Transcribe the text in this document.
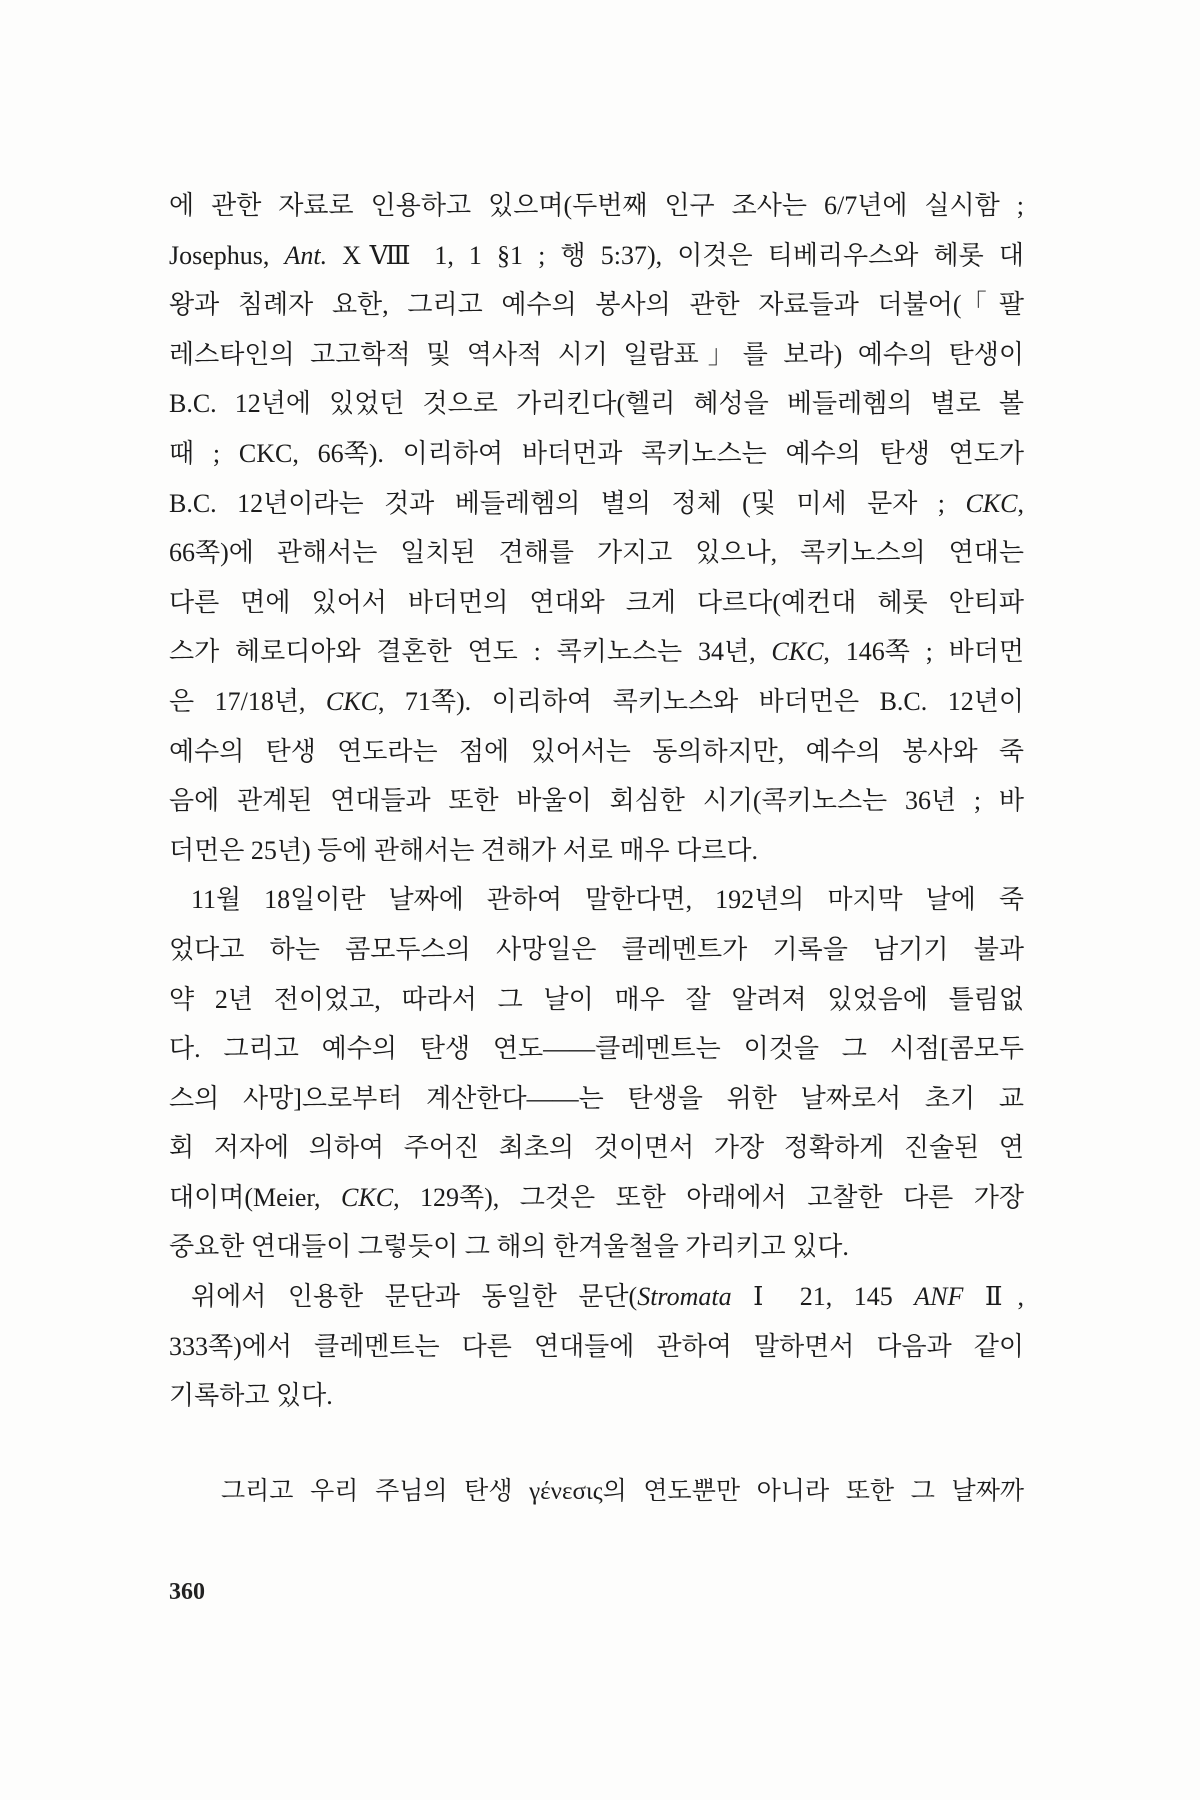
에 관한 자료로 인용하고 있으며(두번째 인구 조사는 6/7년에 실시함 ;
Josephus, Ant. XⅧ 1, 1 §1 ; 행 5:37), 이것은 티베리우스와 헤롯 대
왕과 침례자 요한, 그리고 예수의 봉사의 관한 자료들과 더불어(「팔
레스타인의 고고학적 및 역사적 시기 일람표」를 보라) 예수의 탄생이
B.C. 12년에 있었던 것으로 가리킨다(헬리 혜성을 베들레헴의 별로 볼
때 ; CKC, 66쪽). 이리하여 바더먼과 콕키노스는 예수의 탄생 연도가
B.C. 12년이라는 것과 베들레헴의 별의 정체 (및 미세 문자 ; CKC,
66쪽)에 관해서는 일치된 견해를 가지고 있으나, 콕키노스의 연대는
다른 면에 있어서 바더먼의 연대와 크게 다르다(예컨대 헤롯 안티파
스가 헤로디아와 결혼한 연도 : 콕키노스는 34년, CKC, 146쪽 ; 바더먼
은 17/18년, CKC, 71쪽). 이리하여 콕키노스와 바더먼은 B.C. 12년이
예수의 탄생 연도라는 점에 있어서는 동의하지만, 예수의 봉사와 죽
음에 관계된 연대들과 또한 바울이 회심한 시기(콕키노스는 36년 ; 바
더먼은 25년) 등에 관해서는 견해가 서로 매우 다르다.
11월 18일이란 날짜에 관하여 말한다면, 192년의 마지막 날에 죽
었다고 하는 콤모두스의 사망일은 클레멘트가 기록을 남기기 불과
약 2년 전이었고, 따라서 그 날이 매우 잘 알려져 있었음에 틀림없
다. 그리고 예수의 탄생 연도——클레멘트는 이것을 그 시점[콤모두
스의 사망]으로부터 계산한다——는 탄생을 위한 날짜로서 초기 교
회 저자에 의하여 주어진 최초의 것이면서 가장 정확하게 진술된 연
대이며(Meier, CKC, 129쪽), 그것은 또한 아래에서 고찰한 다른 가장
중요한 연대들이 그렇듯이 그 해의 한겨울철을 가리키고 있다.
위에서 인용한 문단과 동일한 문단(Stromata Ⅰ 21, 145 ANF Ⅱ,
333쪽)에서 클레멘트는 다른 연대들에 관하여 말하면서 다음과 같이
기록하고 있다.
그리고 우리 주님의 탄생 γένεσις의 연도뿐만 아니라 또한 그 날짜까
360
